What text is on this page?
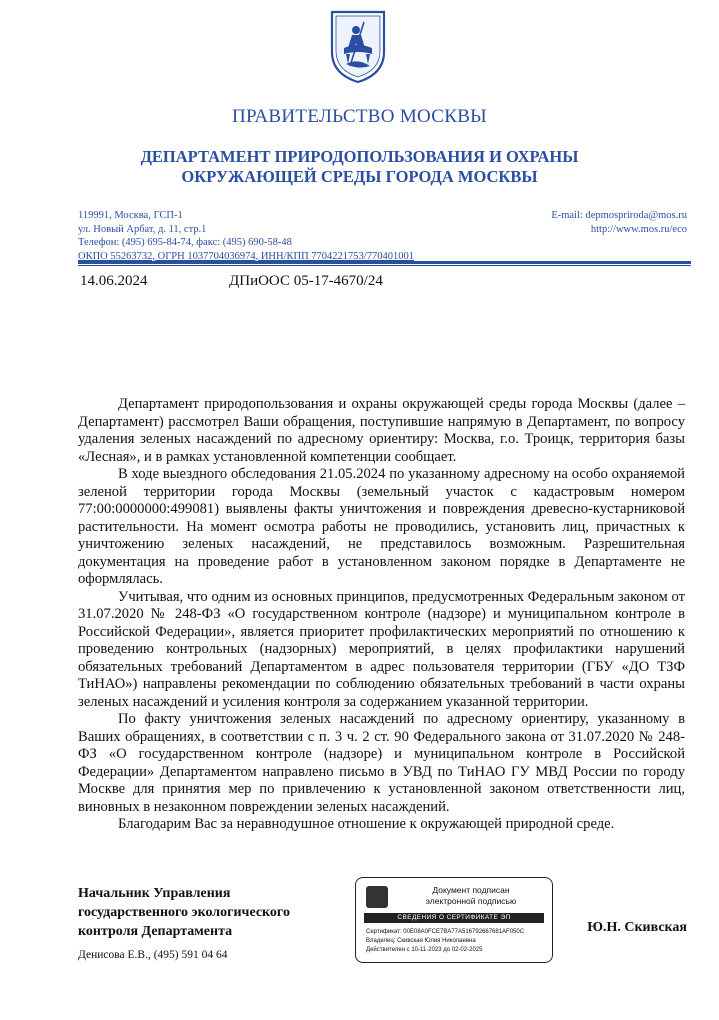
ПРАВИТЕЛЬСТВО МОСКВЫ
ДЕПАРТАМЕНТ ПРИРОДОПОЛЬЗОВАНИЯ И ОХРАНЫ
ОКРУЖАЮЩЕЙ СРЕДЫ ГОРОДА МОСКВЫ
119991, Москва, ГСП-1
ул. Новый Арбат, д. 11, стр.1
Телефон: (495) 695-84-74, факс: (495) 690-58-48
ОКПО 55263732, ОГРН 1037704036974, ИНН/КПП 7704221753/770401001
E-mail: depmospriroda@mos.ru
http://www.mos.ru/eco
14.06.2024	ДПиООС 05-17-4670/24

Департамент природопользования и охраны окружающей среды города Москвы (далее – Департамент) рассмотрел Ваши обращения, поступившие напрямую в Департамент, по вопросу удаления зеленых насаждений по адресному ориентиру: Москва, г.о. Троицк, территория базы «Лесная», и в рамках установленной компетенции сообщает.

В ходе выездного обследования 21.05.2024 по указанному адресному на особо охраняемой зеленой территории города Москвы (земельный участок с кадастровым номером 77:00:0000000:499081) выявлены факты уничтожения и повреждения древесно-кустарниковой растительности. На момент осмотра работы не проводились, установить лиц, причастных к уничтожению зеленых насаждений, не представилось возможным. Разрешительная документация на проведение работ в установленном законом порядке в Департаменте не оформлялась.

Учитывая, что одним из основных принципов, предусмотренных Федеральным законом от 31.07.2020 № 248-ФЗ «О государственном контроле (надзоре) и муниципальном контроле в Российской Федерации», является приоритет профилактических мероприятий по отношению к проведению контрольных (надзорных) мероприятий, в целях профилактики нарушений обязательных требований Департаментом в адрес пользователя территории (ГБУ «ДО ТЗФ ТиНАО») направлены рекомендации по соблюдению обязательных требований в части охраны зеленых насаждений и усиления контроля за содержанием указанной территории.

По факту уничтожения зеленых насаждений по адресному ориентиру, указанному в Ваших обращениях, в соответствии с п. 3 ч. 2 ст. 90 Федерального закона от 31.07.2020 № 248-ФЗ «О государственном контроле (надзоре) и муниципальном контроле в Российской Федерации» Департаментом направлено письмо в УВД по ТиНАО ГУ МВД России по городу Москве для принятия мер по привлечению к установленной законом ответственности лиц, виновных в незаконном повреждении зеленых насаждений.

Благодарим Вас за неравнодушное отношение к окружающей природной среде.

Начальник Управления
государственного экологического
контроля Департамента
Документ подписан
электронной подписью
СВЕДЕНИЯ О СЕРТИФИКАТЕ ЭП
Сертификат: 00E08A0FCE7BA77A516792667681AF050C
Владелец: Скивская Юлия Николаевна
Действителен с 10-11-2023 до 02-02-2025
Ю.Н. Скивская
Денисова Е.В., (495) 591 04 64
